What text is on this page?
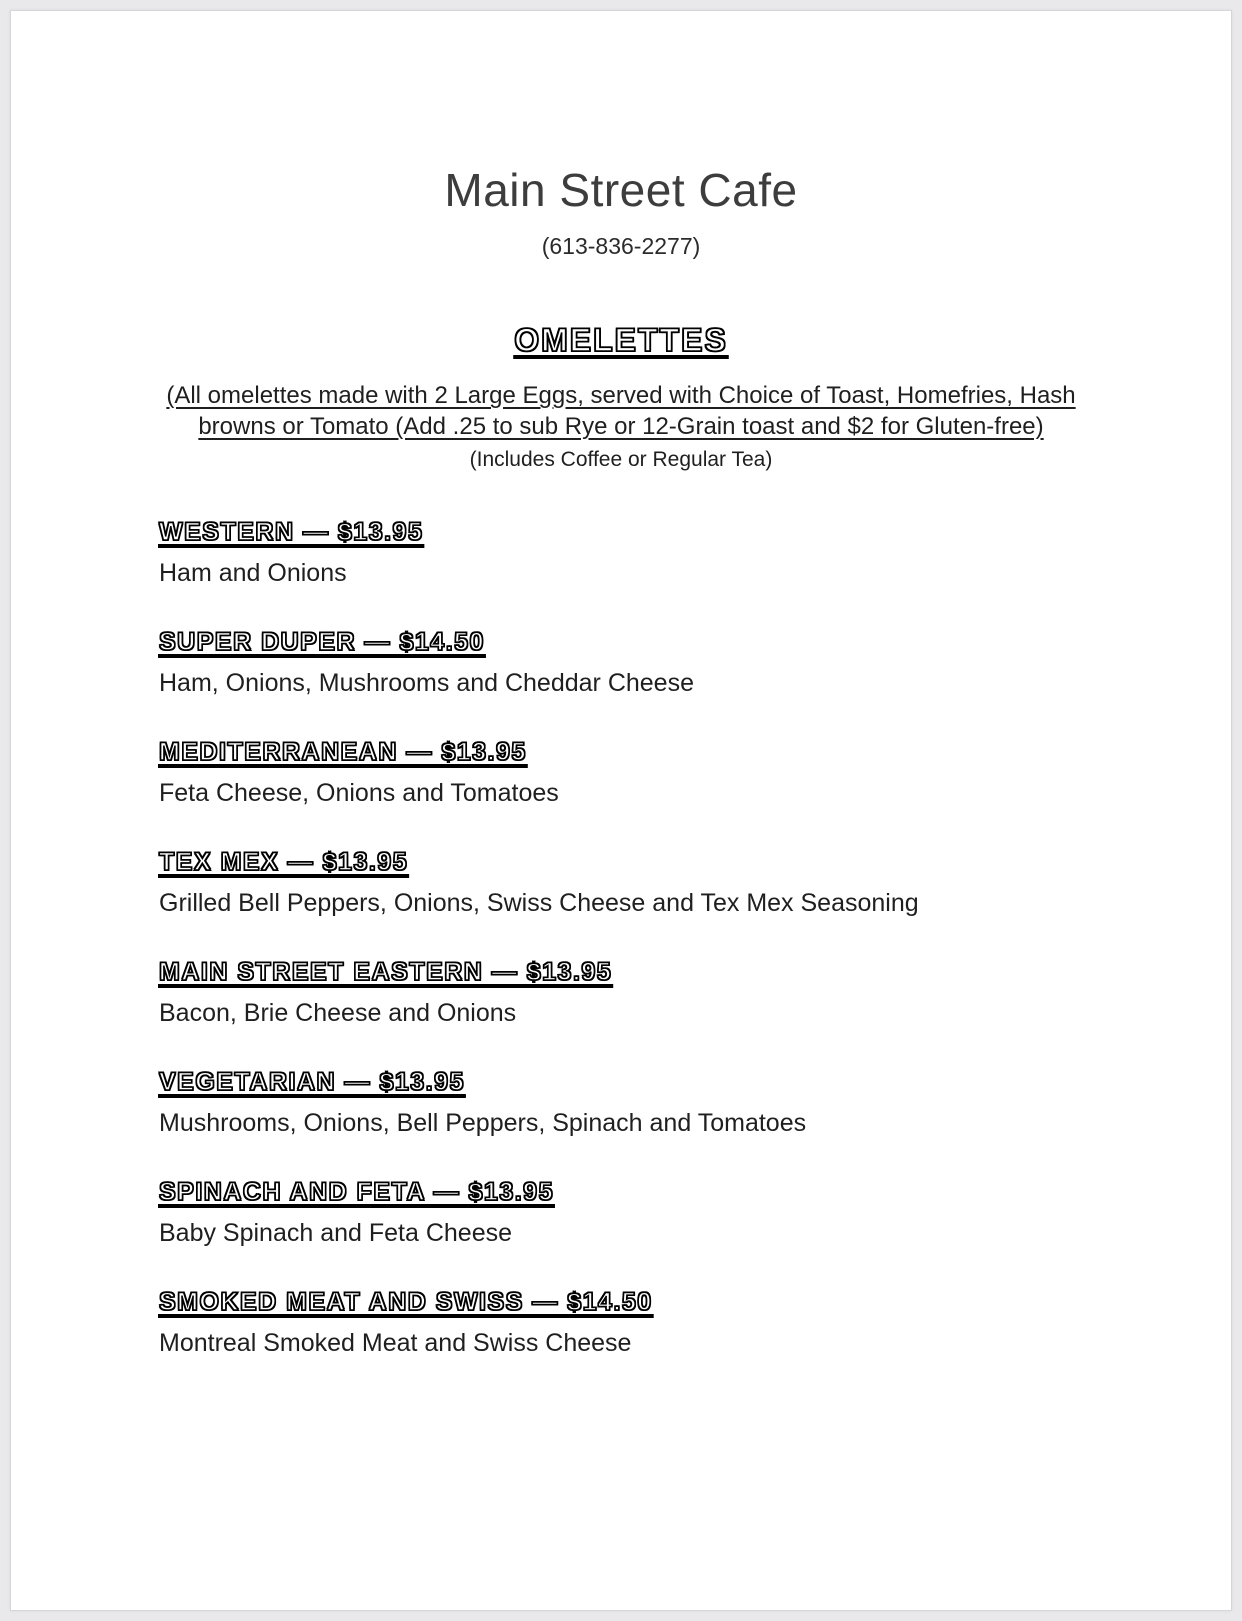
Main Street Cafe
(613-836-2277)
OMELETTES
(All omelettes made with 2 Large Eggs, served with Choice of Toast, Homefries, Hash browns or Tomato (Add .25 to sub Rye or 12-Grain toast and $2 for Gluten-free)
(Includes Coffee or Regular Tea)
WESTERN — $13.95
Ham and Onions
SUPER DUPER — $14.50
Ham, Onions, Mushrooms and Cheddar Cheese
MEDITERRANEAN — $13.95
Feta Cheese, Onions and Tomatoes
TEX MEX — $13.95
Grilled Bell Peppers, Onions, Swiss Cheese and Tex Mex Seasoning
MAIN STREET EASTERN — $13.95
Bacon, Brie Cheese and Onions
VEGETARIAN — $13.95
Mushrooms, Onions, Bell Peppers, Spinach and Tomatoes
SPINACH AND FETA — $13.95
Baby Spinach and Feta Cheese
SMOKED MEAT AND SWISS — $14.50
Montreal Smoked Meat and Swiss Cheese
